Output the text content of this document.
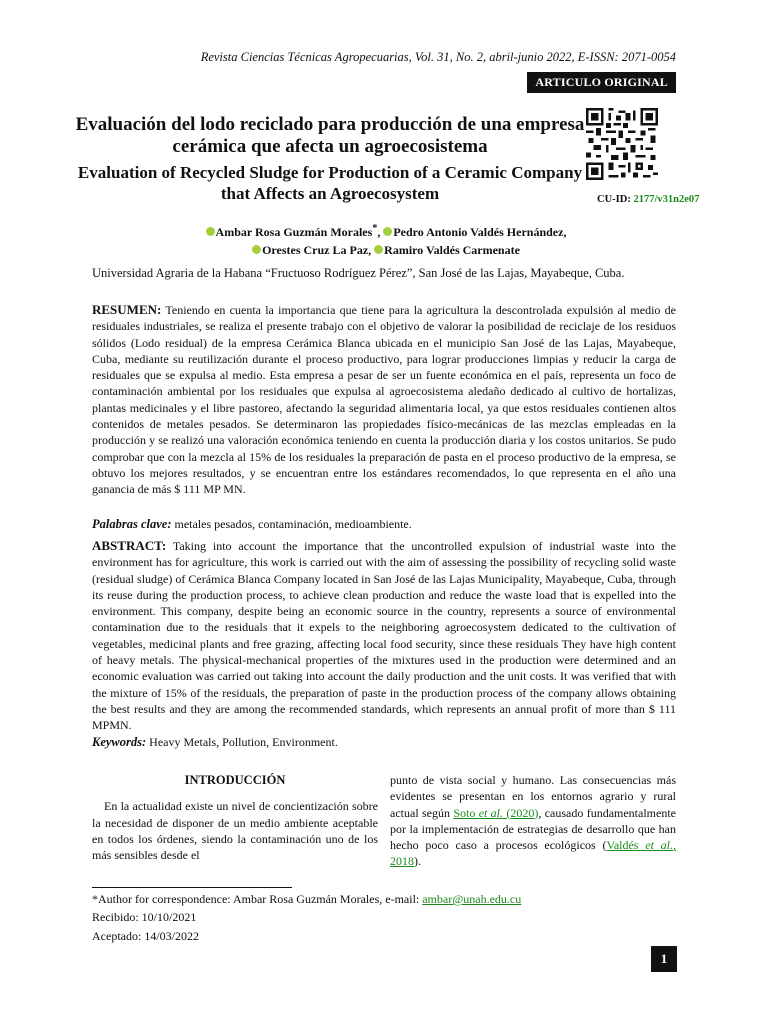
Revista Ciencias Técnicas Agropecuarias, Vol. 31, No. 2, abril-junio 2022, E-ISSN: 2071-0054
ARTICULO ORIGINAL
Evaluación del lodo reciclado para producción de una empresa cerámica que afecta un agroecosistema
Evaluation of Recycled Sludge for Production of a Ceramic Company that Affects an Agroecosystem	CU-ID: 2177/v31n2e07
Ambar Rosa Guzmán Morales*, Pedro Antonio Valdés Hernández,
Orestes Cruz La Paz, Ramiro Valdés Carmenate
Universidad Agraria de la Habana “Fructuoso Rodríguez Pérez”, San José de las Lajas, Mayabeque, Cuba.
RESUMEN: Teniendo en cuenta la importancia que tiene para la agricultura la descontrolada expulsión al medio de residuales industriales, se realiza el presente trabajo con el objetivo de valorar la posibilidad de reciclaje de los residuos sólidos (Lodo residual) de la empresa Cerámica Blanca ubicada en el municipio San José de las Lajas, Mayabeque, Cuba, mediante su reutilización durante el proceso productivo, para lograr producciones limpias y reducir la carga de residuales que se expulsa al medio. Esta empresa a pesar de ser un fuente económica en el país, representa un foco de contaminación ambiental por los residuales que expulsa al agroecosistema aledaño dedicado al cultivo de hortalizas, plantas medicinales y el libre pastoreo, afectando la seguridad alimentaria local, ya que estos residuales contienen altos contenidos de metales pesados. Se determinaron las propiedades físico-mecánicas de las mezclas empleadas en la producción y se realizó una valoración económica teniendo en cuenta la producción diaria y los costos unitarios. Se pudo comprobar que con la mezcla al 15% de los residuales la preparación de pasta en el proceso productivo de la empresa, se obtuvo los mejores resultados, y se encuentran entre los estándares recomendados, lo que representa en el año una ganancia de más $ 111 MP MN.
Palabras clave: metales pesados, contaminación, medioambiente.
ABSTRACT: Taking into account the importance that the uncontrolled expulsion of industrial waste into the environment has for agriculture, this work is carried out with the aim of assessing the possibility of recycling solid waste (residual sludge) of Cerámica Blanca Company located in San José de las Lajas Municipality, Mayabeque, Cuba, through its reuse during the production process, to achieve clean production and reduce the waste load that is expelled into the environment. This company, despite being an economic source in the country, represents a source of environmental contamination due to the residuals that it expels to the neighboring agroecosystem dedicated to the cultivation of vegetables, medicinal plants and free grazing, affecting local food security, since these residuals They have high content of heavy metals. The physical-mechanical properties of the mixtures used in the production were determined and an economic evaluation was carried out taking into account the daily production and the unit costs. It was verified that with the mixture of 15% of the residuals, the preparation of paste in the production process of the company allows obtaining the best results and they are among the recommended standards, which represents an annual profit of more than $ 111 MPMN.
Keywords: Heavy Metals, Pollution, Environment.
INTRODUCCIÓN
En la actualidad existe un nivel de concientización sobre la necesidad de disponer de un medio ambiente aceptable en todos los órdenes, siendo la contaminación uno de los más sensibles desde el
punto de vista social y humano. Las consecuencias más evidentes se presentan en los entornos agrario y rural actual según Soto et al. (2020), causado fundamentalmente por la implementación de estrategias de desarrollo que han hecho poco caso a procesos ecológicos (Valdés et al., 2018).
*Author for correspondence: Ambar Rosa Guzmán Morales, e-mail: ambar@unah.edu.cu
Recibido: 10/10/2021
Aceptado: 14/03/2022
1
